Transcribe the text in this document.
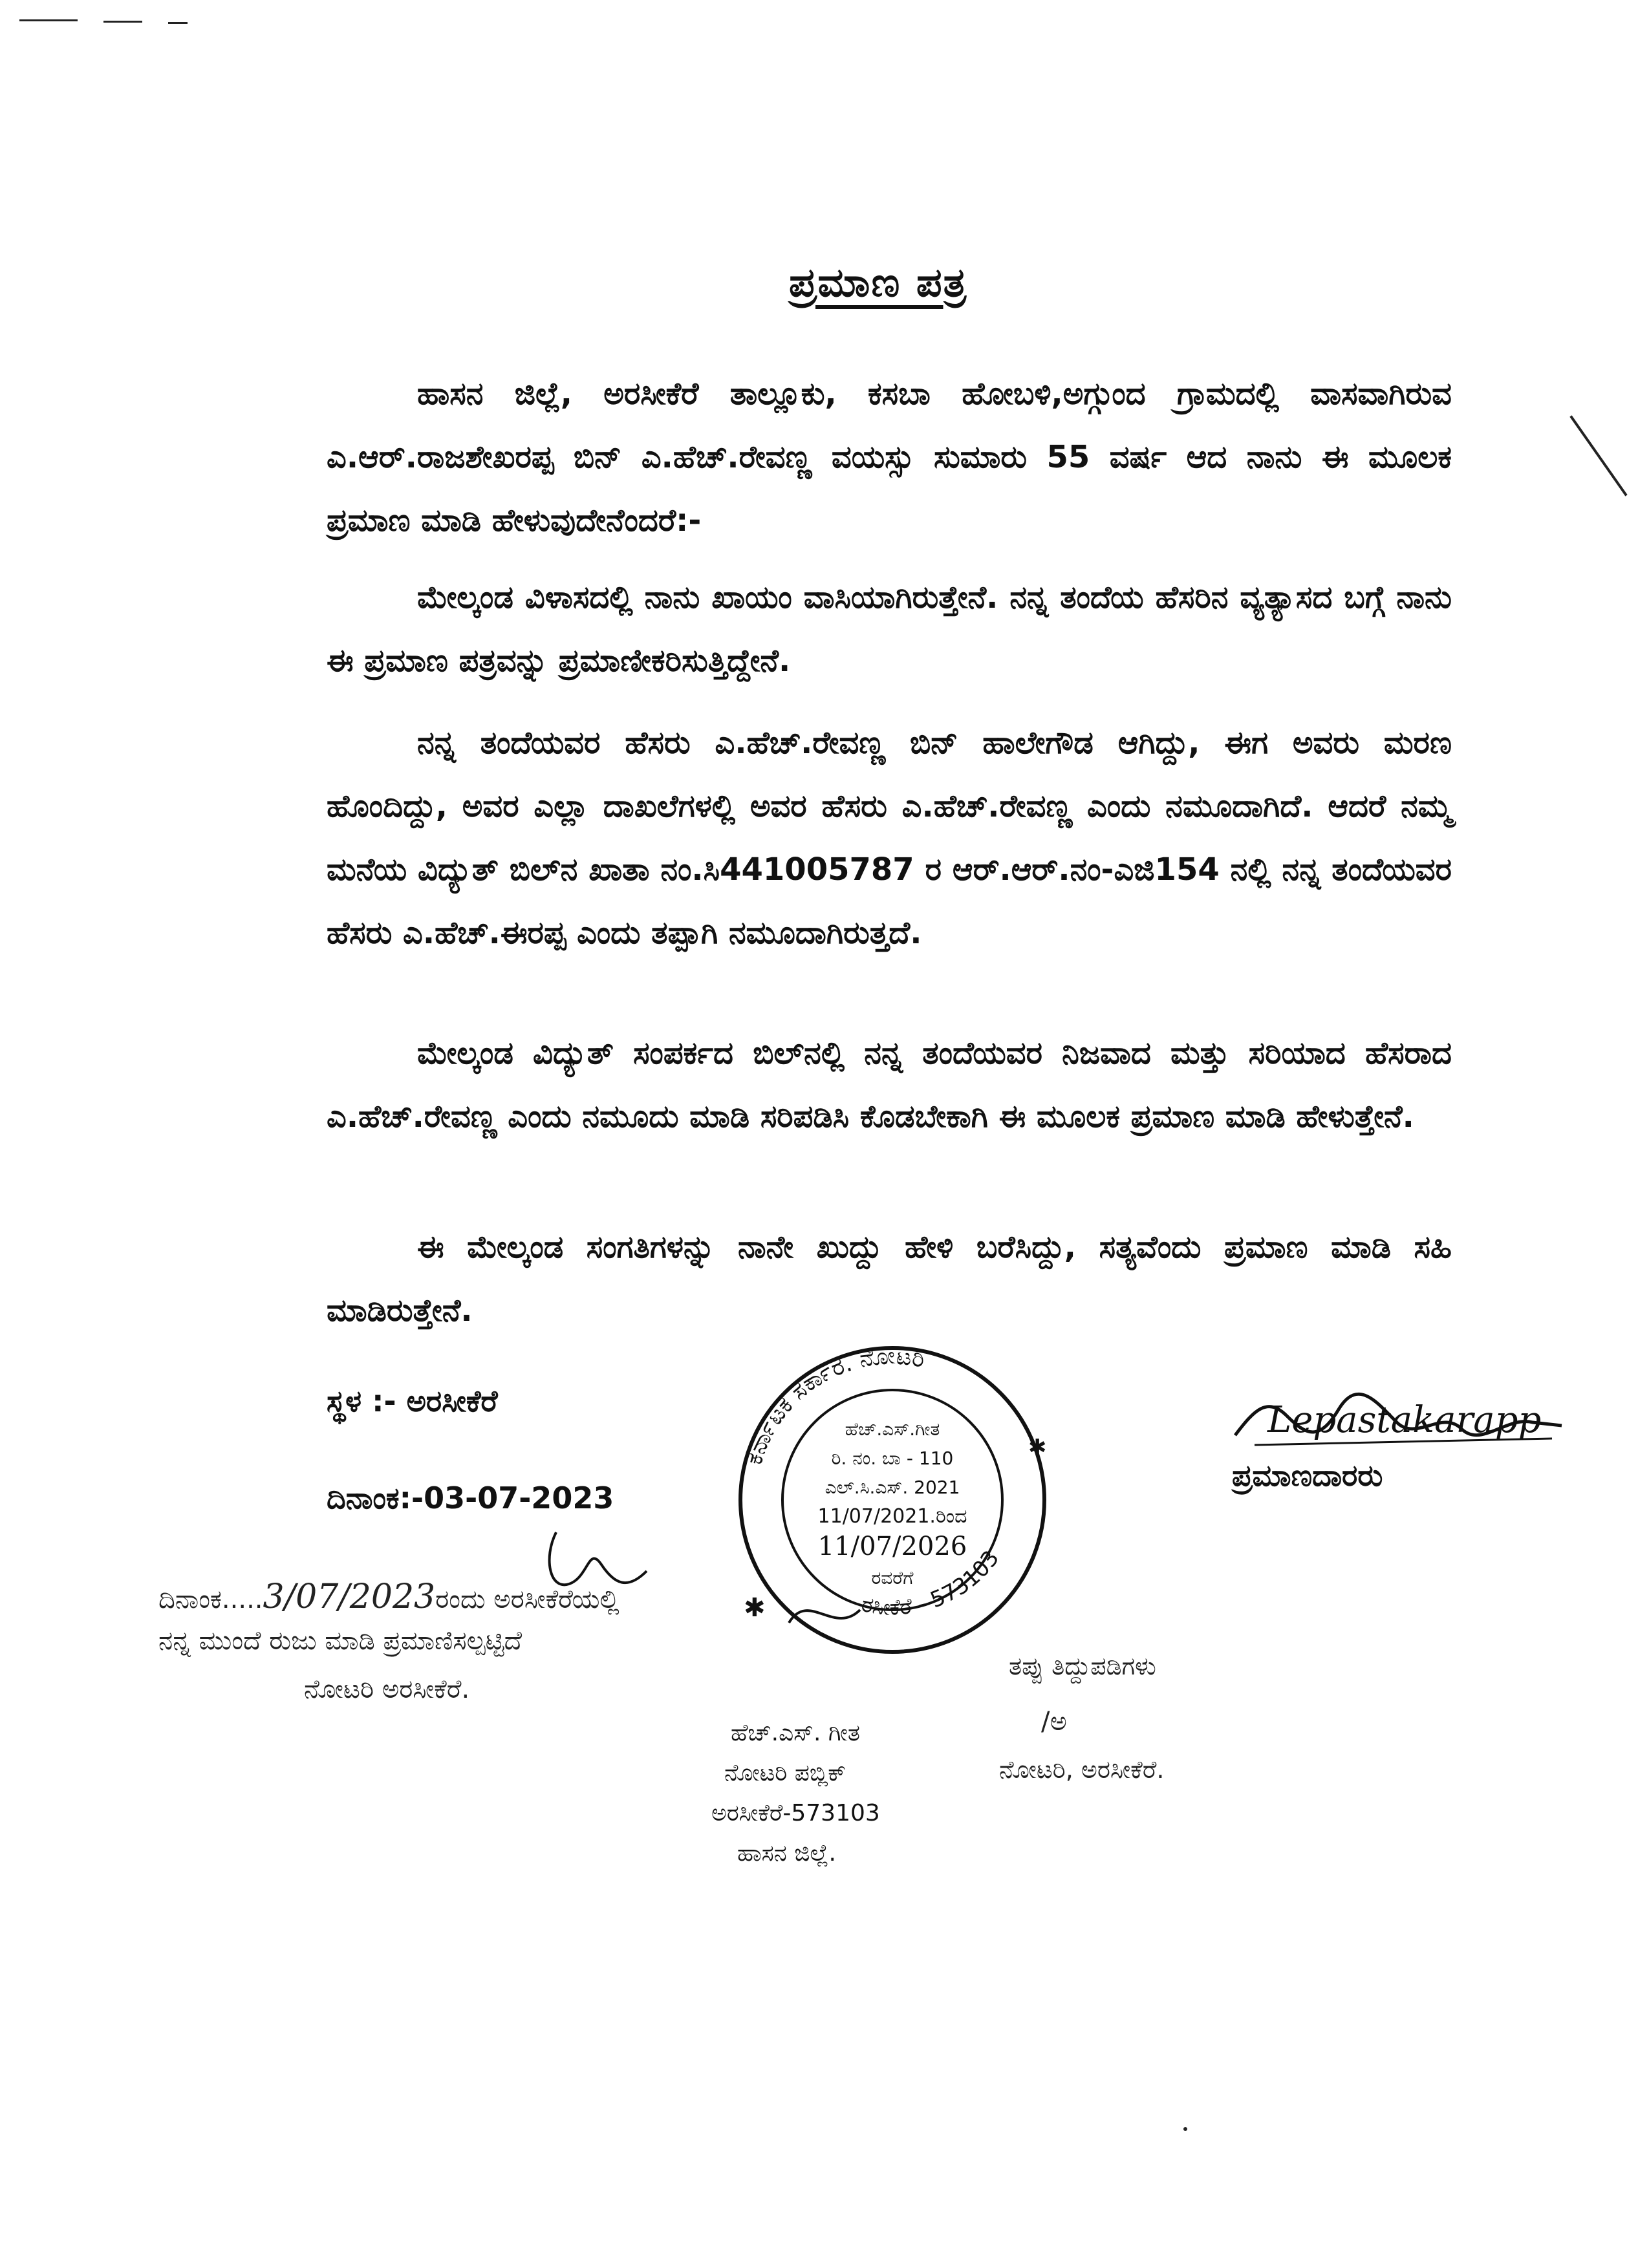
ಪ್ರಮಾಣ ಪತ್ರ

ಹಾಸನ ಜಿಲ್ಲೆ, ಅರಸೀಕೆರೆ ತಾಲ್ಲೂಕು, ಕಸಬಾ ಹೋಬಳಿ,ಅಗ್ಗುಂದ ಗ್ರಾಮದಲ್ಲಿ ವಾಸವಾಗಿರುವ ಎ.ಆರ್.ರಾಜಶೇಖರಪ್ಪ ಬಿನ್ ಎ.ಹೆಚ್.ರೇವಣ್ಣ ವಯಸ್ಸು ಸುಮಾರು 55 ವರ್ಷ ಆದ ನಾನು ಈ ಮೂಲಕ ಪ್ರಮಾಣ ಮಾಡಿ ಹೇಳುವುದೇನೆಂದರೆ:-

ಮೇಲ್ಕಂಡ ವಿಳಾಸದಲ್ಲಿ ನಾನು ಖಾಯಂ ವಾಸಿಯಾಗಿರುತ್ತೇನೆ. ನನ್ನ ತಂದೆಯ ಹೆಸರಿನ ವ್ಯತ್ಯಾಸದ ಬಗ್ಗೆ ನಾನು ಈ ಪ್ರಮಾಣ ಪತ್ರವನ್ನು ಪ್ರಮಾಣೀಕರಿಸುತ್ತಿದ್ದೇನೆ.

ನನ್ನ ತಂದೆಯವರ ಹೆಸರು ಎ.ಹೆಚ್.ರೇವಣ್ಣ ಬಿನ್ ಹಾಲೇಗೌಡ ಆಗಿದ್ದು, ಈಗ ಅವರು ಮರಣ ಹೊಂದಿದ್ದು, ಅವರ ಎಲ್ಲಾ ದಾಖಲೆಗಳಲ್ಲಿ ಅವರ ಹೆಸರು ಎ.ಹೆಚ್.ರೇವಣ್ಣ ಎಂದು ನಮೂದಾಗಿದೆ. ಆದರೆ ನಮ್ಮ ಮನೆಯ ವಿದ್ಯುತ್ ಬಿಲ್‌ನ ಖಾತಾ ನಂ.ಸಿ441005787 ರ ಆರ್.ಆರ್.ನಂ-ಎಜಿ154 ನಲ್ಲಿ ನನ್ನ ತಂದೆಯವರ ಹೆಸರು ಎ.ಹೆಚ್.ಈರಪ್ಪ ಎಂದು ತಪ್ಪಾಗಿ ನಮೂದಾಗಿರುತ್ತದೆ.

ಮೇಲ್ಕಂಡ ವಿದ್ಯುತ್ ಸಂಪರ್ಕದ ಬಿಲ್‌ನಲ್ಲಿ ನನ್ನ ತಂದೆಯವರ ನಿಜವಾದ ಮತ್ತು ಸರಿಯಾದ ಹೆಸರಾದ ಎ.ಹೆಚ್.ರೇವಣ್ಣ ಎಂದು ನಮೂದು ಮಾಡಿ ಸರಿಪಡಿಸಿ ಕೊಡಬೇಕಾಗಿ ಈ ಮೂಲಕ ಪ್ರಮಾಣ ಮಾಡಿ ಹೇಳುತ್ತೇನೆ.

ಈ ಮೇಲ್ಕಂಡ ಸಂಗತಿಗಳನ್ನು ನಾನೇ ಖುದ್ದು ಹೇಳಿ ಬರೆಸಿದ್ದು, ಸತ್ಯವೆಂದು ಪ್ರಮಾಣ ಮಾಡಿ ಸಹಿ ಮಾಡಿರುತ್ತೇನೆ.

ಸ್ಥಳ :- ಅರಸೀಕೆರೆ
ದಿನಾಂಕ:-03-07-2023
Lepastakarapp
ಪ್ರಮಾಣದಾರರು
ದಿನಾಂಕ.....3/07/2023ರಂದು ಅರಸೀಕೆರೆಯಲ್ಲಿ
ನನ್ನ ಮುಂದೆ ರುಜು ಮಾಡಿ ಪ್ರಮಾಣಿಸಲ್ಪಟ್ಟಿದೆ
ನೋಟರಿ ಅರಸೀಕೆರೆ.
ಕರ್ನಾಟಕ ಸರ್ಕಾರ. ನೋಟರಿ
ರಸೀಕೆರೆ - 573103
ಹೆಚ್.ಎಸ್.ಗೀತ
ರಿ. ನಂ. ಬಾ - 110
ಎಲ್.ಸಿ.ಎಸ್. 2021
11/07/2021.ರಿಂದ
11/07/2026
ರವರೆಗೆ
✱
✱
ಹೆಚ್.ಎಸ್. ಗೀತ
ನೋಟರಿ ಪಬ್ಲಿಕ್
ಅರಸೀಕೆರೆ-573103
ಹಾಸನ ಜಿಲ್ಲೆ.
ತಪ್ಪು ತಿದ್ದುಪಡಿಗಳು
/ಅ
ನೋಟರಿ, ಅರಸೀಕೆರೆ.
